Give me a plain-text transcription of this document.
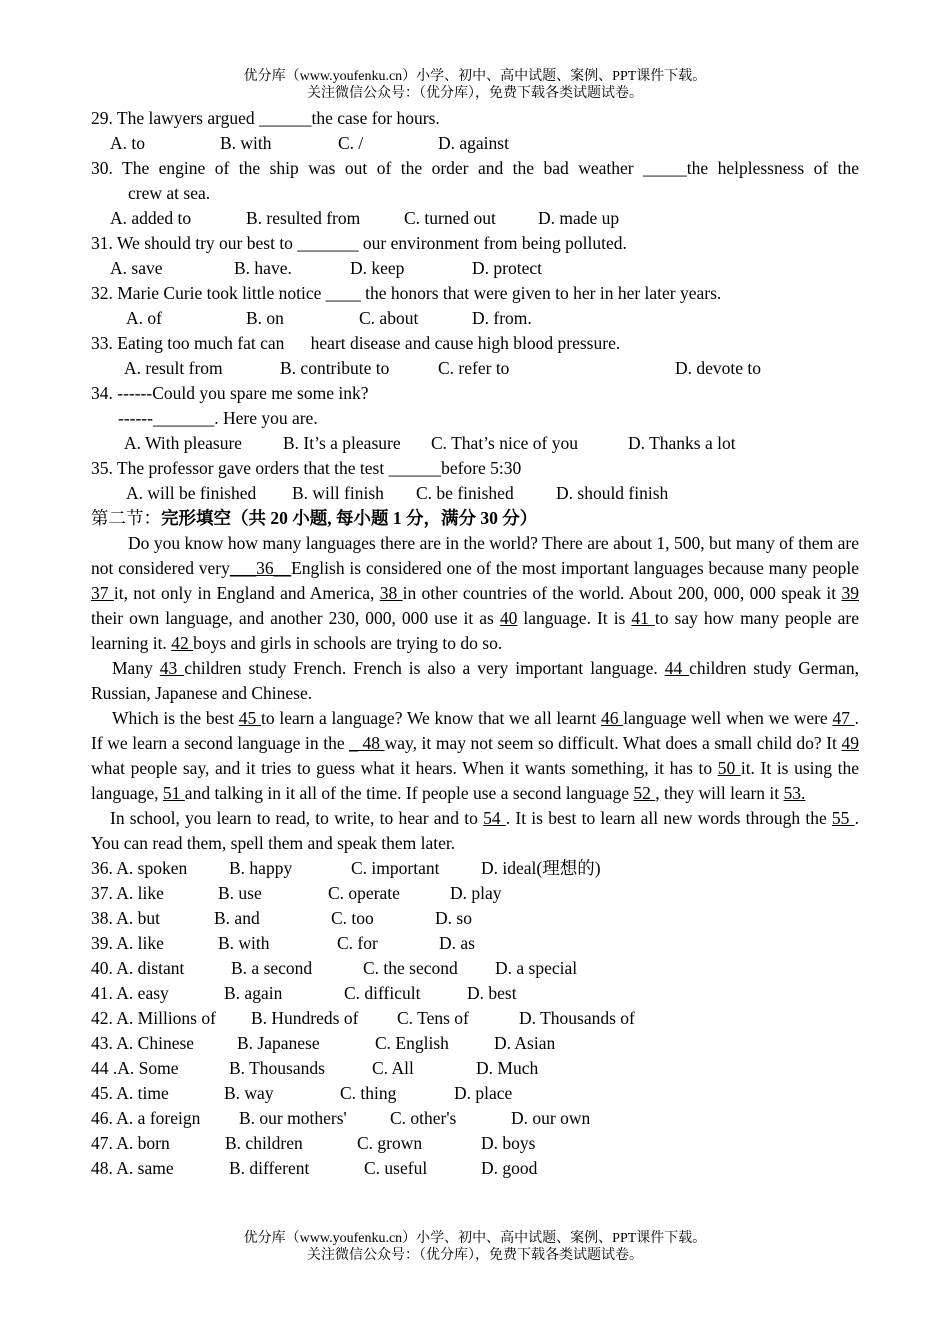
优分库（www.youfenku.cn）小学、初中、高中试题、案例、PPT课件下载。
关注微信公众号：（优分库），免费下载各类试题试卷。
29. The lawyers argued ______the case for hours.
A. to	B. with	C. /	D. against
30. The engine of the ship was out of the order and the bad weather _____the helplessness of the
crew at sea.
A. added to	B. resulted from	C. turned out D. made up
31. We should try our best to _______ our environment from being polluted.
A. save	B. have.	D. keep	D. protect
32. Marie Curie took little notice ____ the honors that were given to her in her later years.
A. of	B. on	C. about	D. from.
33. Eating too much fat can      heart disease and cause high blood pressure.
A. result from	B. contribute to	C. refer to	D. devote to
34. ------Could you spare me some ink?
------_______. Here you are.
A. With pleasure B. It’s a pleasure C. That’s nice of you	D. Thanks a lot
35. The professor gave orders that the test ______before 5:30
A. will be finished B. will finish C. be finished D. should finish
第二节：完形填空（共 20 小题, 每小题 1 分，满分 30 分）

Do you know how many languages there are in the world? There are about 1, 500, but many of them are not considered very___36__English is considered one of the most important languages because many people 37 it, not only in England and America, 38 in other countries of the world. About 200, 000, 000 speak it 39 their own language, and another 230, 000, 000 use it as 40 language. It is 41 to say how many people are learning it. 42 boys and girls in schools are trying to do so.

Many 43 children study French. French is also a very important language. 44 children study German, Russian, Japanese and Chinese.

Which is the best 45 to learn a language? We know that we all learnt 46 language well when we were 47 . If we learn a second language in the _ 48 way, it may not seem so difficult. What does a small child do? It 49 what people say, and it tries to guess what it hears. When it wants something, it has to 50 it. It is using the language, 51 and talking in it all of the time. If people use a second language 52 , they will learn it 53.

In school, you learn to read, to write, to hear and to 54 . It is best to learn all new words through the 55 . You can read them, spell them and speak them later.

36. A. spoken B. happy	C. important D. ideal(理想的)
37. A. like	B. use	C. operate	D. play
38. A. but	B. and	C. too	D. so
39. A. like	B. with	C. for	D. as
40. A. distant	B. a second	C. the second D. a special
41. A. easy	B. again	C. difficult	D. best
42. A. Millions of B. Hundreds of C. Tens of	D. Thousands of
43. A. Chinese B. Japanese	C. English	D. Asian
44 .A. Some	B. Thousands	C. All	D. Much
45. A. time	B. way	C. thing	D. place
46. A. a foreign B. our mothers' C. other's	D. our own
47. A. born	B. children	C. grown	D. boys
48. A. same	B. different	C. useful	D. good
优分库（www.youfenku.cn）小学、初中、高中试题、案例、PPT课件下载。
关注微信公众号：（优分库），免费下载各类试题试卷。
